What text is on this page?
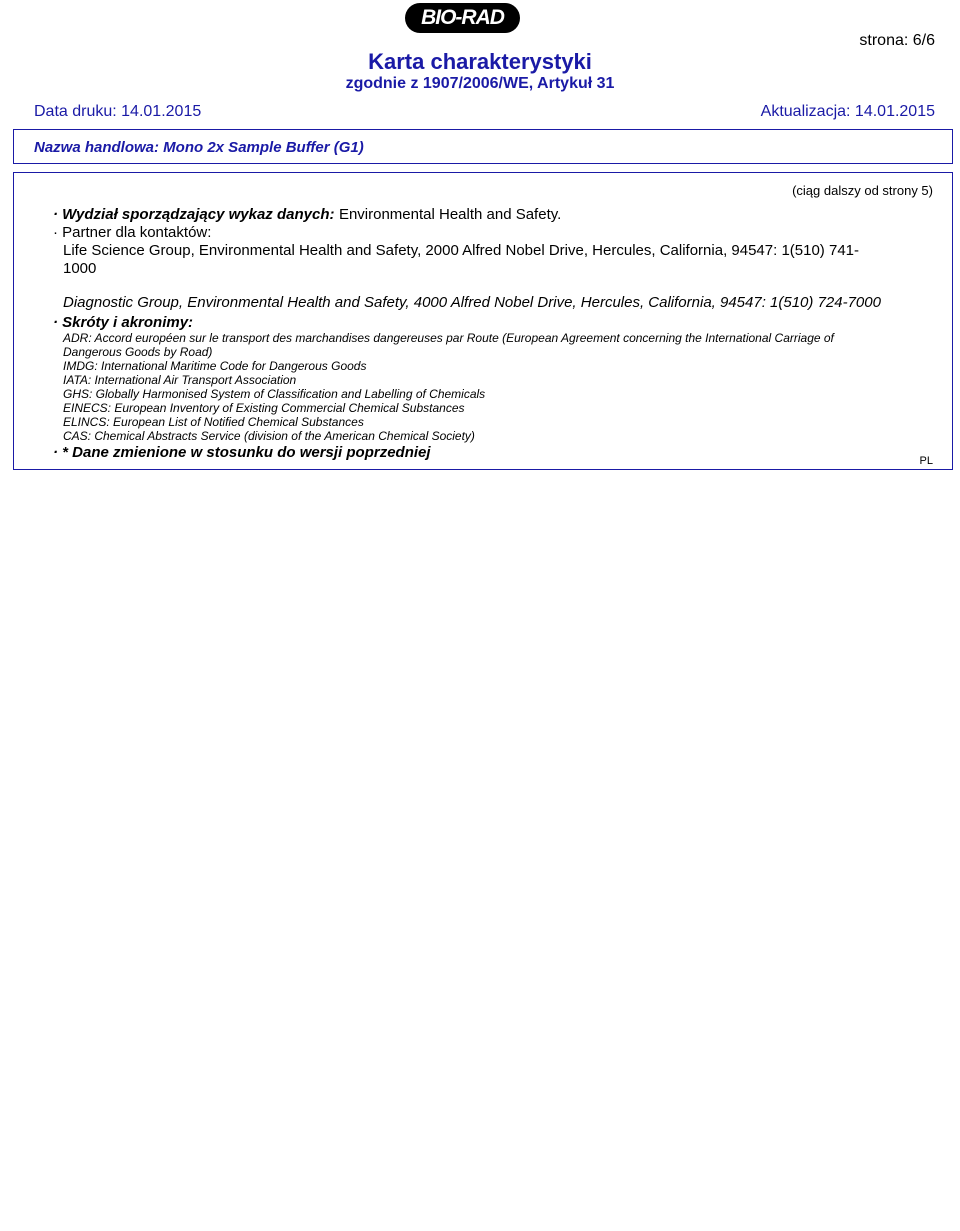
BIO-RAD
strona: 6/6
Karta charakterystyki
zgodnie z 1907/2006/WE, Artykuł 31
Data druku: 14.01.2015	Aktualizacja: 14.01.2015
Nazwa handlowa: Mono 2x Sample Buffer (G1)
(ciąg dalszy od strony 5)
· Wydział sporządzający wykaz danych: Environmental Health and Safety.
· Partner dla kontaktów:
Life Science Group, Environmental Health and Safety, 2000 Alfred Nobel Drive, Hercules, California, 94547: 1(510) 741-
1000
Diagnostic Group, Environmental Health and Safety, 4000 Alfred Nobel Drive, Hercules, California, 94547: 1(510) 724-7000
· Skróty i akronimy:
ADR: Accord européen sur le transport des marchandises dangereuses par Route (European Agreement concerning the International Carriage of
Dangerous Goods by Road)
IMDG: International Maritime Code for Dangerous Goods
IATA: International Air Transport Association
GHS: Globally Harmonised System of Classification and Labelling of Chemicals
EINECS: European Inventory of Existing Commercial Chemical Substances
ELINCS: European List of Notified Chemical Substances
CAS: Chemical Abstracts Service (division of the American Chemical Society)
· * Dane zmienione w stosunku do wersji poprzedniej	PL
